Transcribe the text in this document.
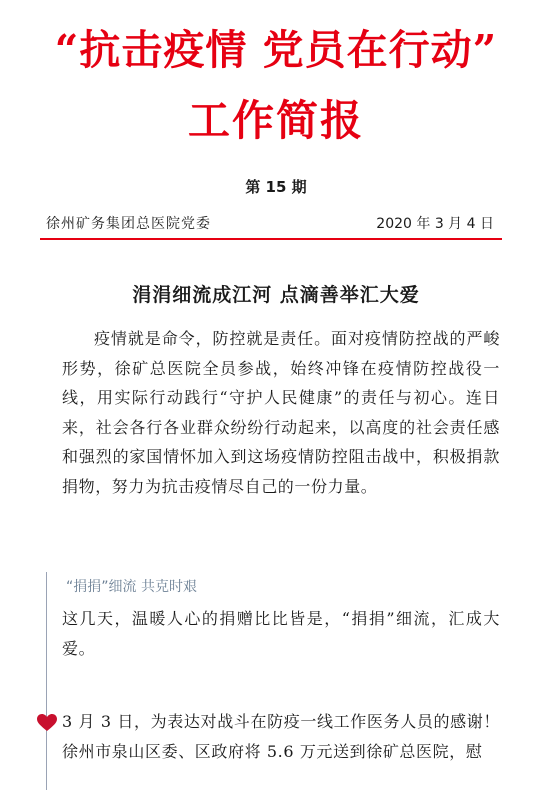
“抗击疫情 党员在行动”
工作简报
第 15 期
徐州矿务集团总医院党委	2020 年 3 月 4 日
涓涓细流成江河 点滴善举汇大爱

疫情就是命令，防控就是责任。面对疫情防控战的严峻形势，徐矿总医院全员参战，始终冲锋在疫情防控战役一线，用实际行动践行“守护人民健康”的责任与初心。连日来，社会各行各业群众纷纷行动起来，以高度的社会责任感和强烈的家国情怀加入到这场疫情防控阻击战中，积极捐款捐物，努力为抗击疫情尽自己的一份力量。

“捐捐”细流 共克时艰

这几天，温暖人心的捐赠比比皆是，“捐捐”细流，汇成大爱。

3 月 3 日，为表达对战斗在防疫一线工作医务人员的感谢！徐州市泉山区委、区政府将 5.6 万元送到徐矿总医院，慰
